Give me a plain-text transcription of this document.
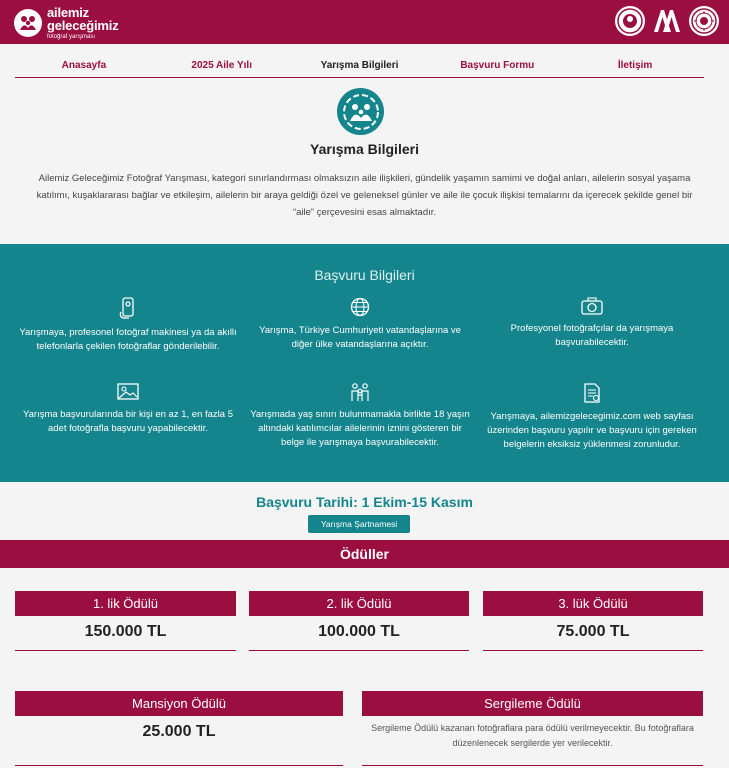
ailemiz
geleceğimiz
fotoğraf yarışması
Anasayfa	2025 Aile Yılı	Yarışma Bilgileri	Başvuru Formu	İletişim
Yarışma Bilgileri
Ailemiz Geleceğimiz Fotoğraf Yarışması, kategori sınırlandırması olmaksızın aile ilişkileri, gündelik yaşamın samimi ve doğal anları, ailelerin sosyal yaşama katılımı, kuşaklararası bağlar ve etkileşim, ailelerin bir araya geldiği özel ve geleneksel günler ve aile ile çocuk ilişkisi temalarını da içerecek şekilde genel bir “aile” çerçevesini esas almaktadır.
Başvuru Bilgileri
Yarışmaya, profesonel fotoğraf makinesi ya da akıllı telefonlarla çekilen fotoğraflar gönderilebilir.
Yarışma, Türkiye Cumhuriyeti vatandaşlarına ve diğer ülke vatandaşlarına açıktır.
Profesyonel fotoğrafçılar da yarışmaya başvurabilecektir.
Yarışma başvurularında bir kişi en az 1, en fazla 5 adet fotoğrafla başvuru yapabilecektir.
Yarışmada yaş sınırı bulunmamakla birlikte 18 yaşın altındaki katılımcılar ailelerinin iznini gösteren bir belge ile yarışmaya başvurabilecektir.
Yarışmaya, ailemizgelecegimiz.com web sayfası üzerinden başvuru yapılır ve başvuru için gereken belgelerin eksiksiz yüklenmesi zorunludur.
Başvuru Tarihi: 1 Ekim-15 Kasım
Yarışma Şartnamesi
Ödüller
1. lik Ödülü
150.000 TL
2. lik Ödülü
100.000 TL
3. lük Ödülü
75.000 TL
Mansiyon Ödülü
25.000 TL
Sergileme Ödülü
Sergileme Ödülü kazanan fotoğraflara para ödülü verilmeyecektir. Bu fotoğraflara düzenlenecek sergilerde yer verilecektir.
